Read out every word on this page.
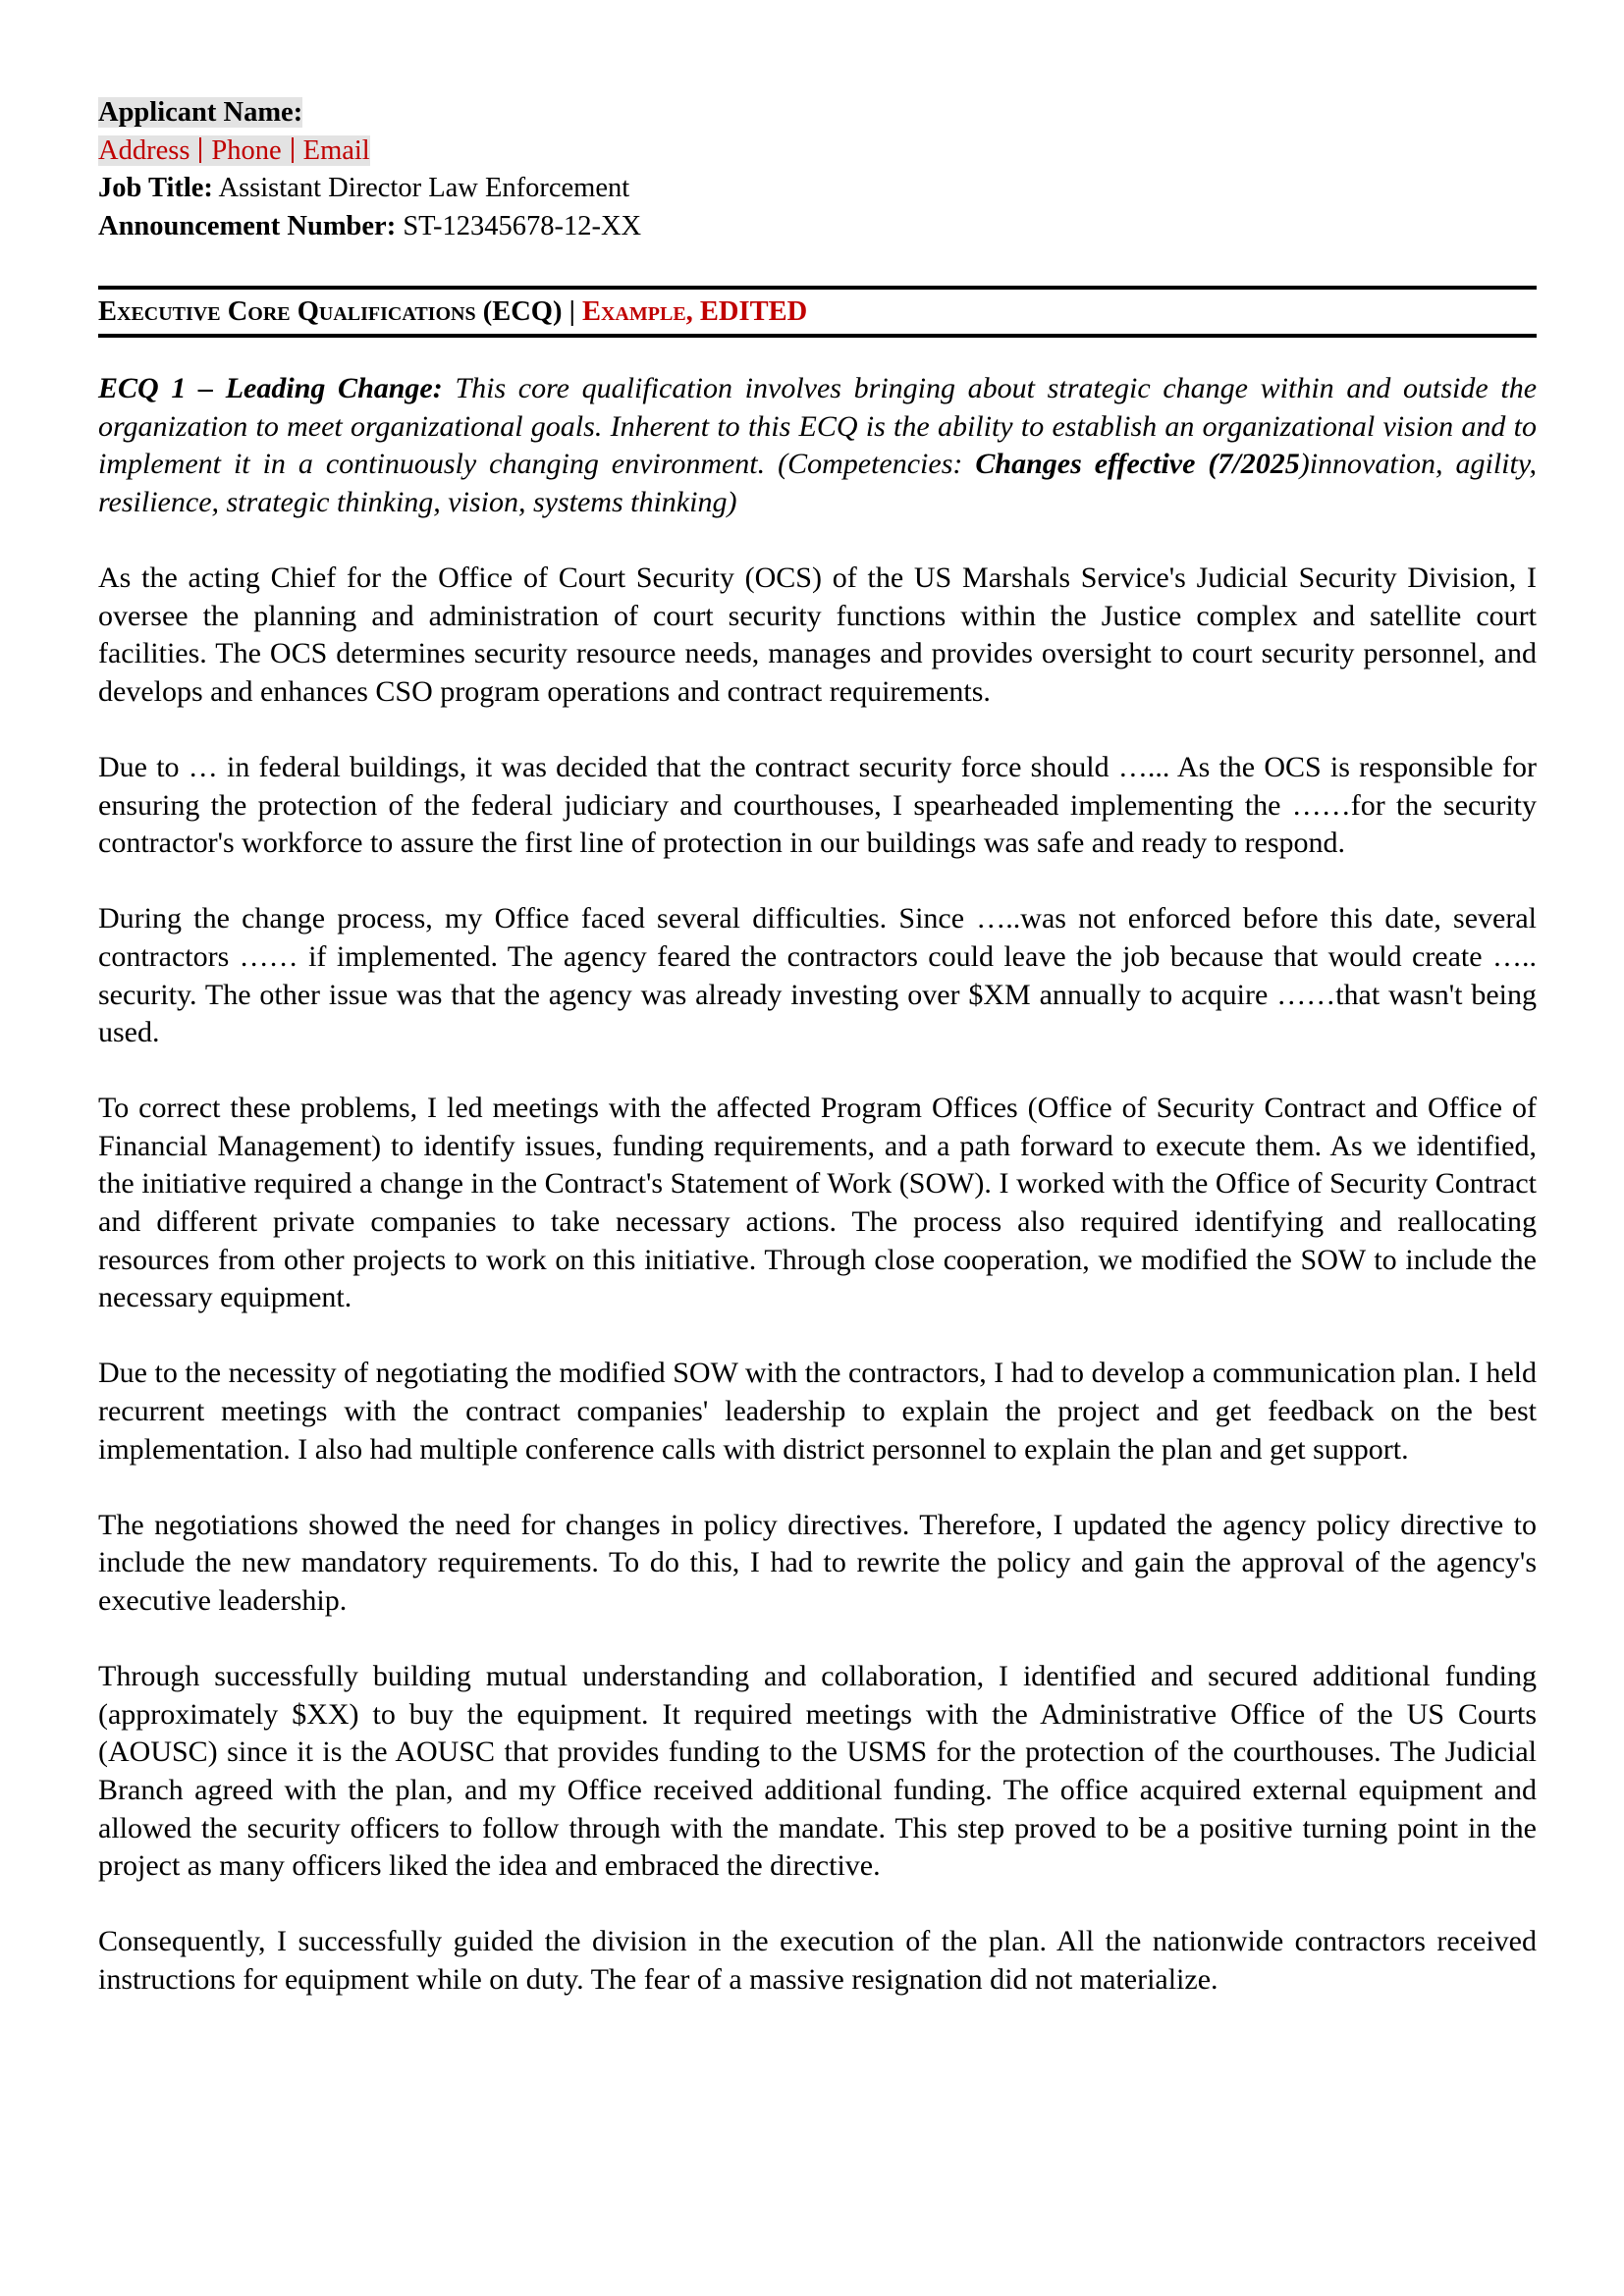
Applicant Name:

Address Phone Email

Job Title: Assistant Director Law Enforcement

Announcement Number: ST-12345678-12-XX

Executive Core Qualifications (ECQ) | Example, EDITED

ECQ 1 – Leading Change: This core qualification involves bringing about strategic change within and outside the organization to meet organizational goals. Inherent to this ECQ is the ability to establish an organizational vision and to implement it in a continuously changing environment. (Competencies: Changes effective (7/2025)innovation, agility, resilience, strategic thinking, vision, systems thinking)

As the acting Chief for the Office of Court Security (OCS) of the US Marshals Service's Judicial Security Division, I oversee the planning and administration of court security functions within the Justice complex and satellite court facilities. The OCS determines security resource needs, manages and provides oversight to court security personnel, and develops and enhances CSO program operations and contract requirements.

Due to … in federal buildings, it was decided that the contract security force should …... As the OCS is responsible for ensuring the protection of the federal judiciary and courthouses, I spearheaded implementing the ……for the security contractor's workforce to assure the first line of protection in our buildings was safe and ready to respond.

During the change process, my Office faced several difficulties. Since …..was not enforced before this date, several contractors …… if implemented. The agency feared the contractors could leave the job because that would create ….. security. The other issue was that the agency was already investing over $XM annually to acquire ……that wasn't being used.

To correct these problems, I led meetings with the affected Program Offices (Office of Security Contract and Office of Financial Management) to identify issues, funding requirements, and a path forward to execute them. As we identified, the initiative required a change in the Contract's Statement of Work (SOW). I worked with the Office of Security Contract and different private companies to take necessary actions. The process also required identifying and reallocating resources from other projects to work on this initiative. Through close cooperation, we modified the SOW to include the necessary equipment.

Due to the necessity of negotiating the modified SOW with the contractors, I had to develop a communication plan. I held recurrent meetings with the contract companies' leadership to explain the project and get feedback on the best implementation. I also had multiple conference calls with district personnel to explain the plan and get support.

The negotiations showed the need for changes in policy directives. Therefore, I updated the agency policy directive to include the new mandatory requirements. To do this, I had to rewrite the policy and gain the approval of the agency's executive leadership.

Through successfully building mutual understanding and collaboration, I identified and secured additional funding (approximately $XX) to buy the equipment. It required meetings with the Administrative Office of the US Courts (AOUSC) since it is the AOUSC that provides funding to the USMS for the protection of the courthouses. The Judicial Branch agreed with the plan, and my Office received additional funding. The office acquired external equipment and allowed the security officers to follow through with the mandate. This step proved to be a positive turning point in the project as many officers liked the idea and embraced the directive.

Consequently, I successfully guided the division in the execution of the plan. All the nationwide contractors received instructions for equipment while on duty. The fear of a massive resignation did not materialize.
